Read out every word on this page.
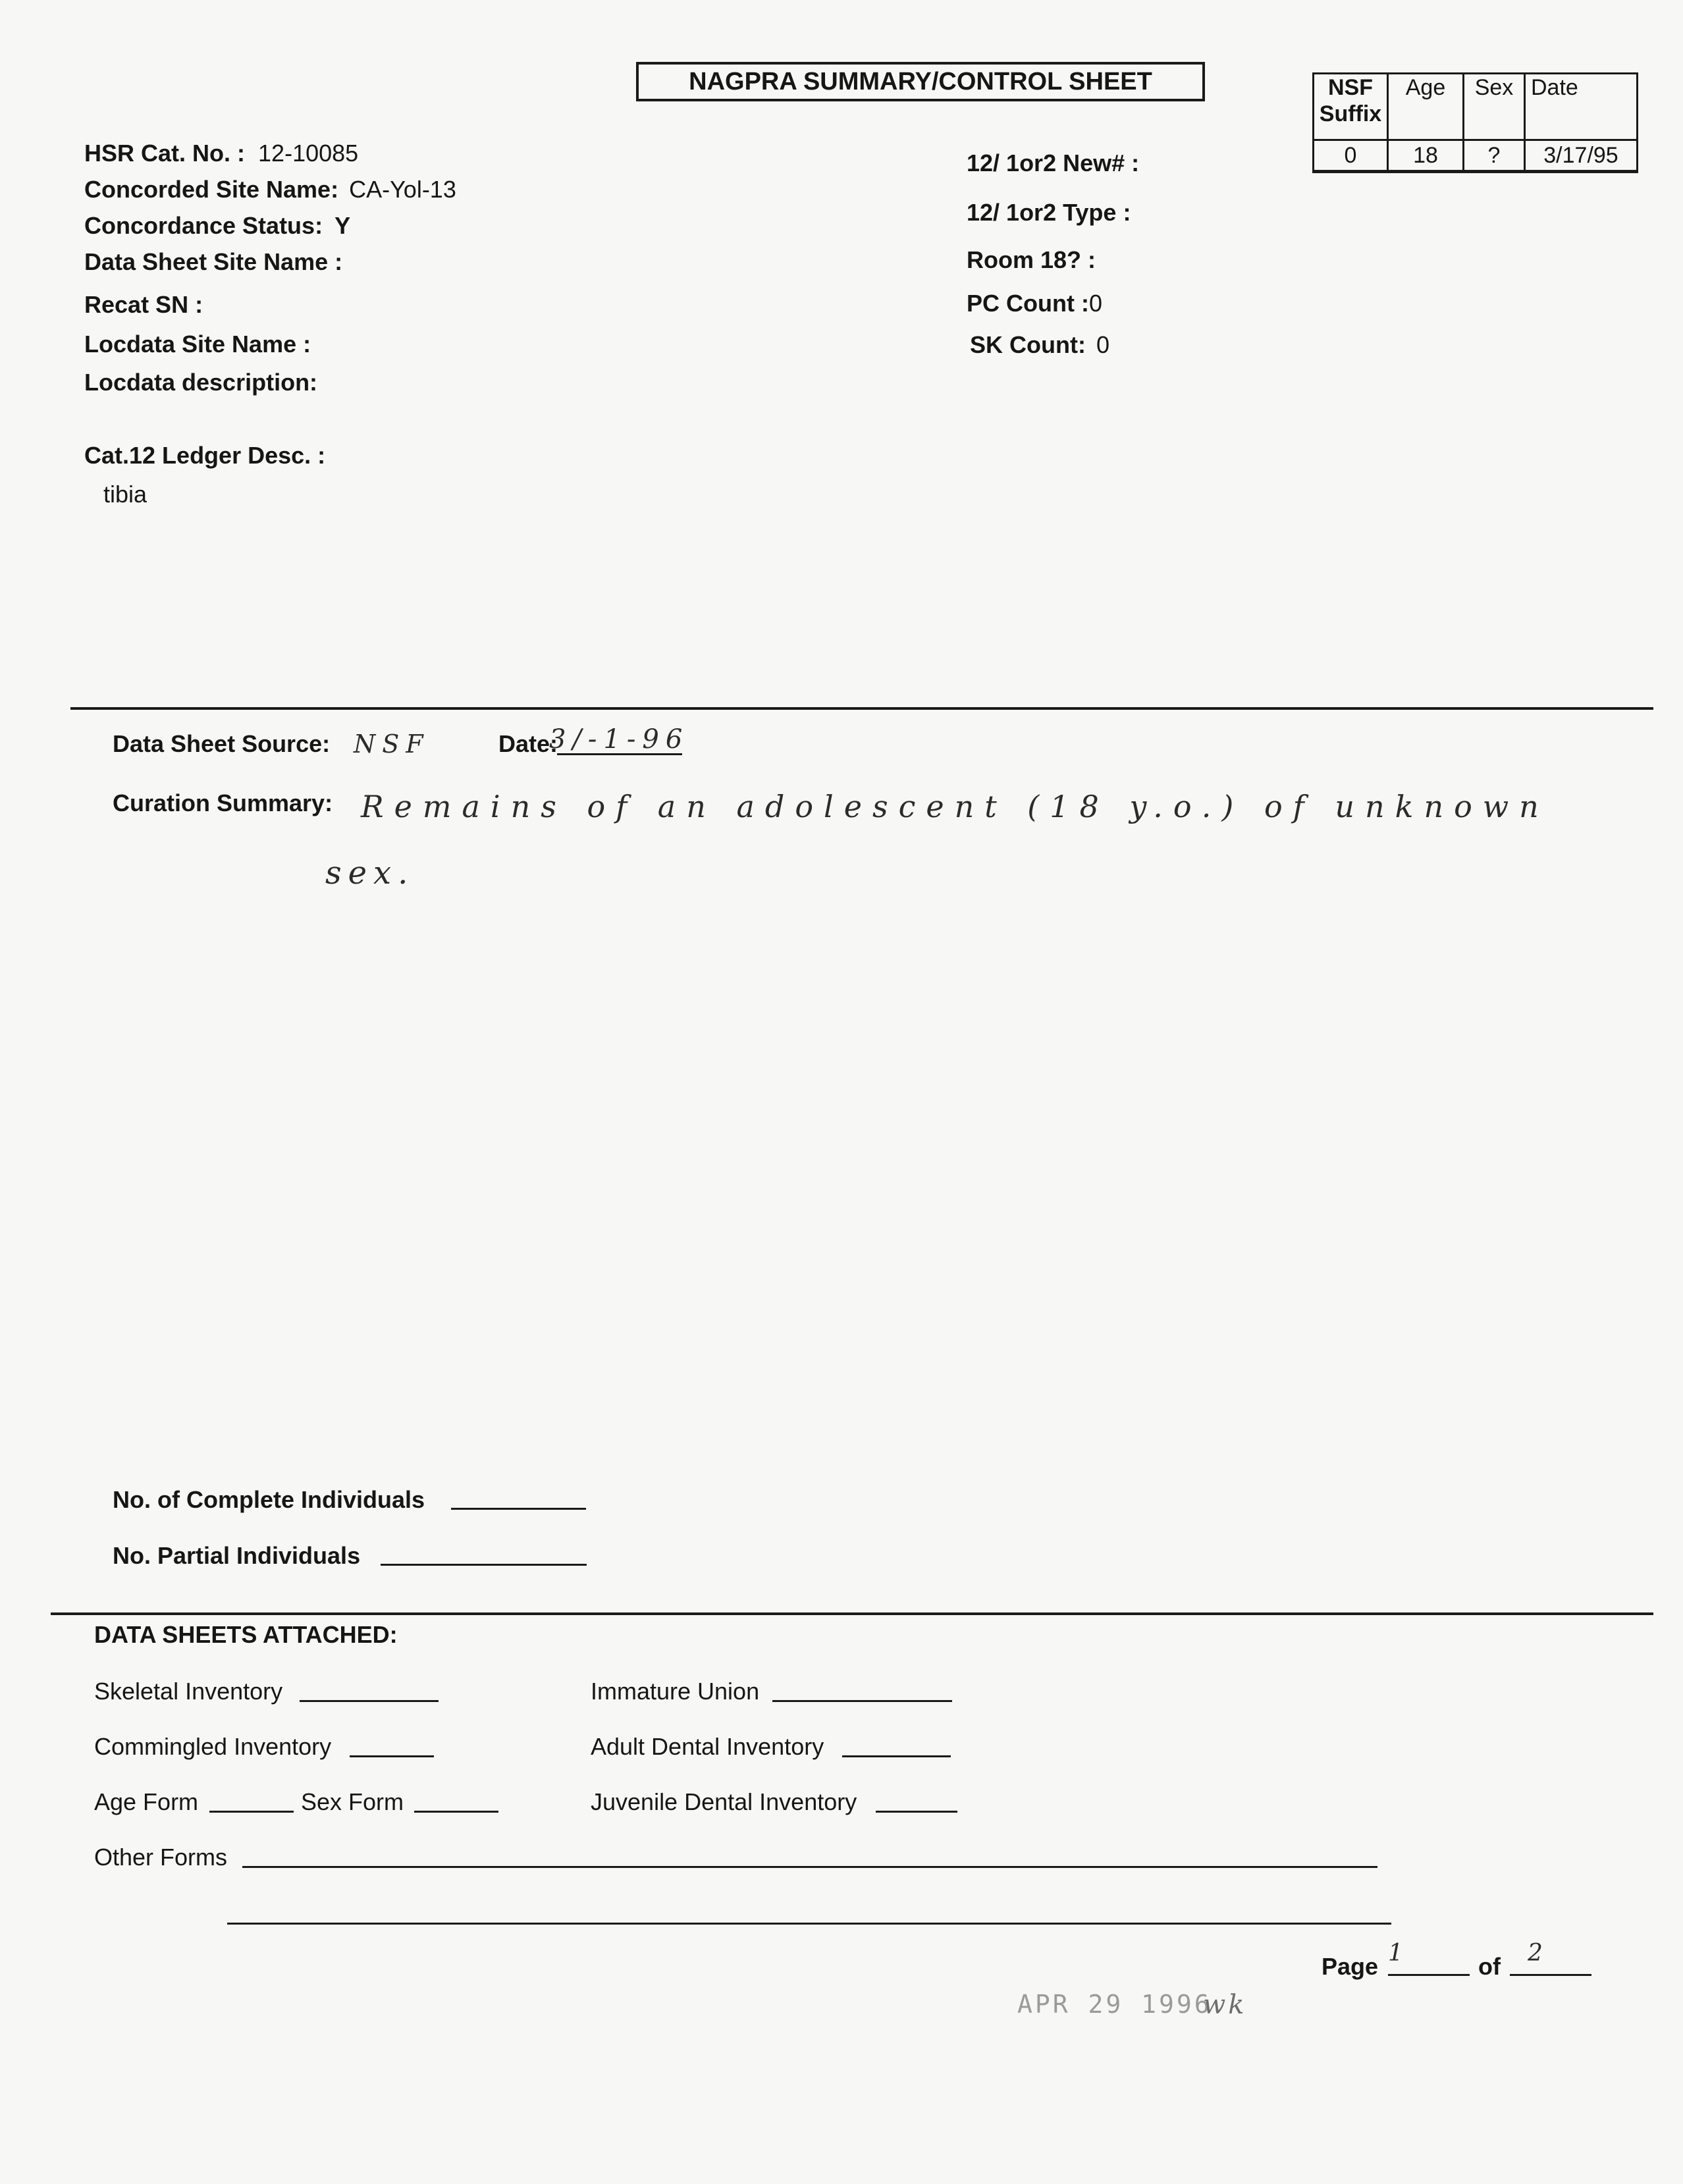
NAGPRA SUMMARY/CONTROL SHEET	NSF
Suffix	Age	Sex	Date
0	18	?	3/17/95
HSR Cat. No. : 12-10085
Concorded Site Name: CA-Yol-13
Concordance Status: Y
Data Sheet Site Name :
Recat SN :
Locdata Site Name :
Locdata description:
Cat.12 Ledger Desc. :
tibia
12/ 1or2 New# :
12/ 1or2 Type :
Room 18? :
PC Count :0
SK Count: 0
Data Sheet Source: NSF	Date:
3/-1-96
Curation Summary: Remains of an adolescent (18 y.o.) of unknown
sex.
No. of Complete Individuals
No. Partial Individuals
DATA SHEETS ATTACHED:
Skeletal Inventory
Commingled Inventory
Age Form	Sex Form
Other Forms
Immature Union
Adult Dental Inventory
Juvenile Dental Inventory
Page 1	of 2
APR 29 1996
wk
